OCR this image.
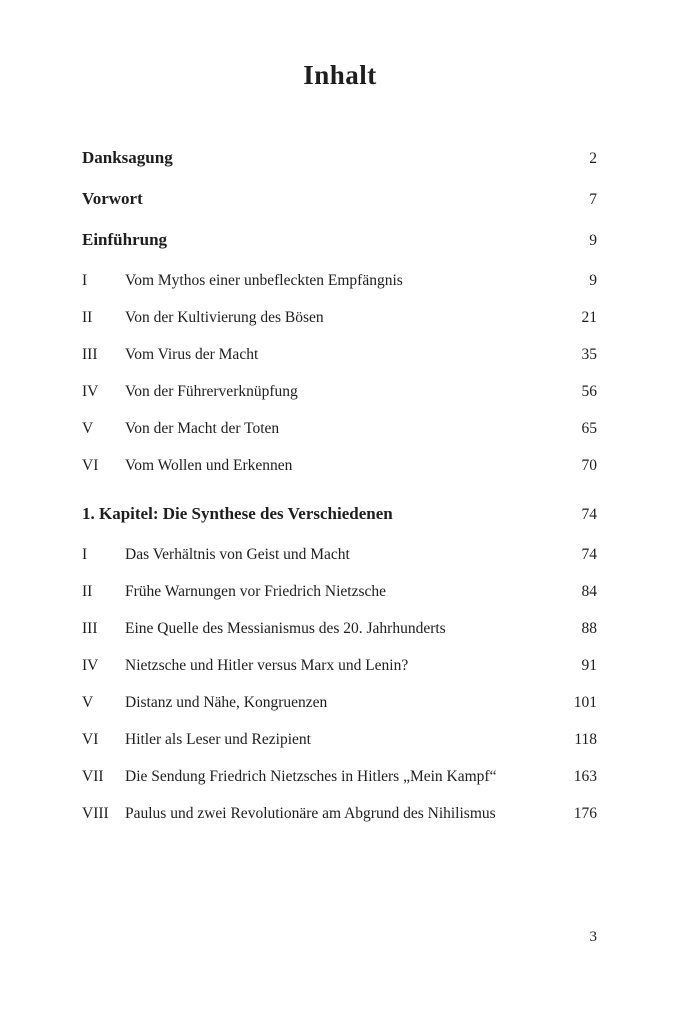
Inhalt
Danksagung	2
Vorwort	7
Einführung	9
I	Vom Mythos einer unbefleckten Empfängnis	9
II	Von der Kultivierung des Bösen	21
III	Vom Virus der Macht	35
IV	Von der Führerverknüpfung	56
V	Von der Macht der Toten	65
VI	Vom Wollen und Erkennen	70
1. Kapitel: Die Synthese des Verschiedenen	74
I	Das Verhältnis von Geist und Macht	74
II	Frühe Warnungen vor Friedrich Nietzsche	84
III	Eine Quelle des Messianismus des 20. Jahrhunderts	88
IV	Nietzsche und Hitler versus Marx und Lenin?	91
V	Distanz und Nähe, Kongruenzen	101
VI	Hitler als Leser und Rezipient	118
VII	Die Sendung Friedrich Nietzsches in Hitlers „Mein Kampf“	163
VIII	Paulus und zwei Revolutionäre am Abgrund des Nihilismus	176
3
